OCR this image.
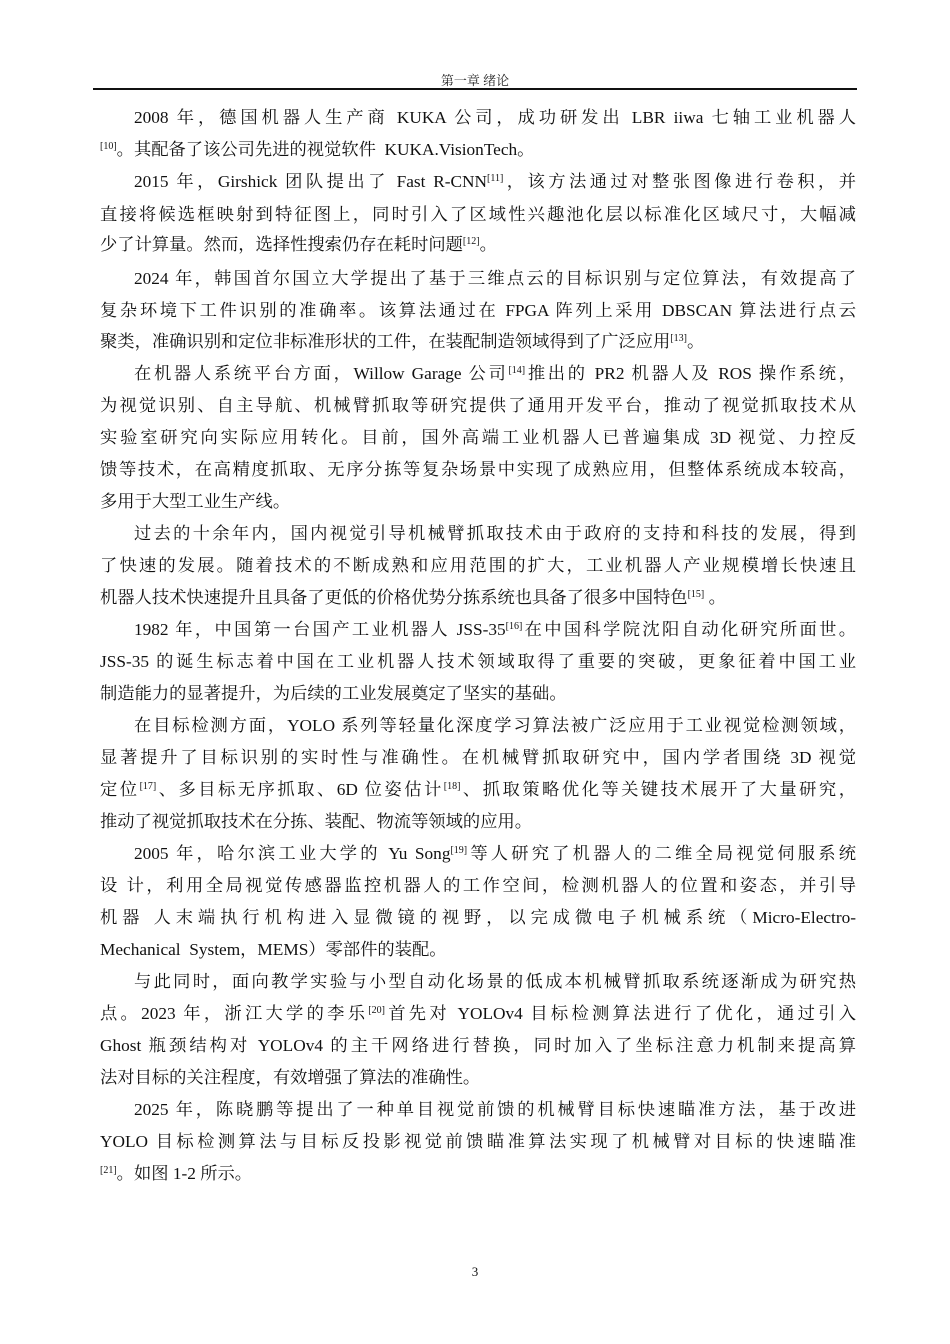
第一章 绪论
2008 年，德国机器人生产商 KUKA 公司，成功研发出 LBR iiwa 七轴工业机器人
[10]。其配备了该公司先进的视觉软件  KUKA.VisionTech。
2015 年，Girshick 团队提出了 Fast R-CNN[11]，该方法通过对整张图像进行卷积，并
直接将候选框映射到特征图上，同时引入了区域性兴趣池化层以标准化区域尺寸，大幅减
少了计算量。然而，选择性搜索仍存在耗时问题[12]。
2024 年，韩国首尔国立大学提出了基于三维点云的目标识别与定位算法，有效提高了
复杂环境下工件识别的准确率。该算法通过在 FPGA 阵列上采用 DBSCAN 算法进行点云
聚类，准确识别和定位非标准形状的工件，在装配制造领域得到了广泛应用[13]。
在机器人系统平台方面，Willow Garage 公司[14]推出的 PR2 机器人及 ROS 操作系统，
为视觉识别、自主导航、机械臂抓取等研究提供了通用开发平台，推动了视觉抓取技术从
实验室研究向实际应用转化。目前，国外高端工业机器人已普遍集成 3D 视觉、力控反
馈等技术，在高精度抓取、无序分拣等复杂场景中实现了成熟应用，但整体系统成本较高，
多用于大型工业生产线。
过去的十余年内，国内视觉引导机械臂抓取技术由于政府的支持和科技的发展，得到
了快速的发展。随着技术的不断成熟和应用范围的扩大，工业机器人产业规模增长快速且
机器人技术快速提升且具备了更低的价格优势分拣系统也具备了很多中国特色[15] 。
1982 年，中国第一台国产工业机器人 JSS-35[16]在中国科学院沈阳自动化研究所面世。
JSS-35 的诞生标志着中国在工业机器人技术领域取得了重要的突破，更象征着中国工业
制造能力的显著提升，为后续的工业发展奠定了坚实的基础。
在目标检测方面，YOLO 系列等轻量化深度学习算法被广泛应用于工业视觉检测领域，
显著提升了目标识别的实时性与准确性。在机械臂抓取研究中，国内学者围绕 3D 视觉
定位[17]、多目标无序抓取、6D 位姿估计[18]、抓取策略优化等关键技术展开了大量研究，
推动了视觉抓取技术在分拣、装配、物流等领域的应用。
2005 年，哈尔滨工业大学的 Yu Song[19]等人研究了机器人的二维全局视觉伺服系统
设 计，利用全局视觉传感器监控机器人的工作空间，检测机器人的位置和姿态，并引导
机器 人末端执行机构进入显微镜的视野，以完成微电子机械系统（Micro-Electro-
Mechanical  System，MEMS）零部件的装配。
与此同时，面向教学实验与小型自动化场景的低成本机械臂抓取系统逐渐成为研究热
点。2023 年，浙江大学的李乐[20]首先对 YOLOv4 目标检测算法进行了优化，通过引入
Ghost 瓶颈结构对 YOLOv4 的主干网络进行替换，同时加入了坐标注意力机制来提高算
法对目标的关注程度，有效增强了算法的准确性。
2025 年，陈晓鹏等提出了一种单目视觉前馈的机械臂目标快速瞄准方法，基于改进
YOLO 目标检测算法与目标反投影视觉前馈瞄准算法实现了机械臂对目标的快速瞄准
[21]。如图 1-2 所示。
3
